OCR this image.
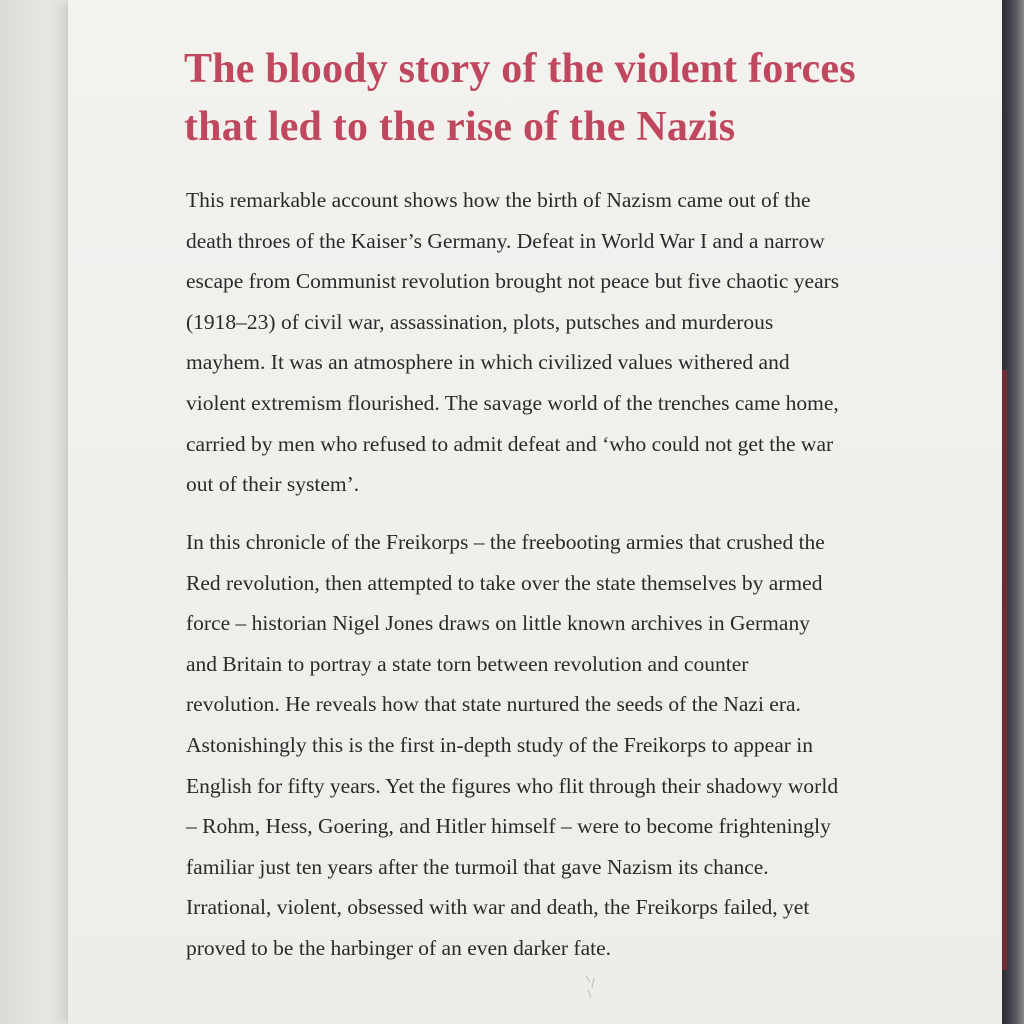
The bloody story of the violent forces
that led to the rise of the Nazis

This remarkable account shows how the birth of Nazism came out of the
death throes of the Kaiser’s Germany. Defeat in World War I and a narrow
escape from Communist revolution brought not peace but five chaotic years
(1918–23) of civil war, assassination, plots, putsches and murderous
mayhem. It was an atmosphere in which civilized values withered and
violent extremism flourished. The savage world of the trenches came home,
carried by men who refused to admit defeat and ‘who could not get the war
out of their system’.

In this chronicle of the Freikorps – the freebooting armies that crushed the
Red revolution, then attempted to take over the state themselves by armed
force – historian Nigel Jones draws on little known archives in Germany
and Britain to portray a state torn between revolution and counter
revolution. He reveals how that state nurtured the seeds of the Nazi era.
Astonishingly this is the first in-depth study of the Freikorps to appear in
English for fifty years. Yet the figures who flit through their shadowy world
– Rohm, Hess, Goering, and Hitler himself – were to become frighteningly
familiar just ten years after the turmoil that gave Nazism its chance.
Irrational, violent, obsessed with war and death, the Freikorps failed, yet
proved to be the harbinger of an even darker fate.
